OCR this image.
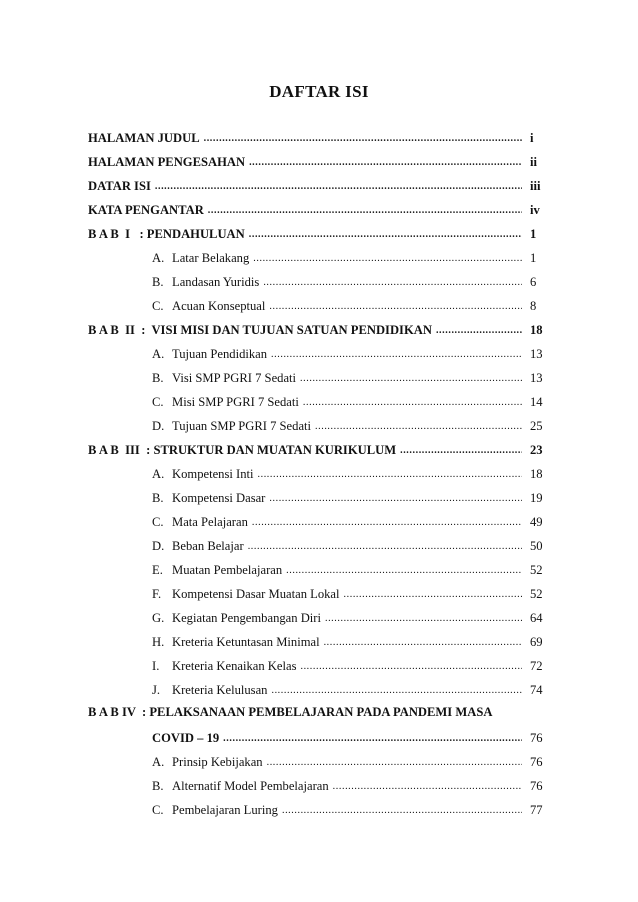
DAFTAR ISI
HALAMAN JUDUL .....	i
HALAMAN PENGESAHAN .....	ii
DATAR ISI .....	iii
KATA PENGANTAR .....	iv
B A B  I   : PENDAHULUAN .....	1
A. Latar Belakang .....	1
B. Landasan Yuridis .....	6
C. Acuan Konseptual .....	8
B A B  II  :  VISI MISI DAN TUJUAN SATUAN PENDIDIKAN .....	18
A. Tujuan Pendidikan .....	13
B. Visi SMP PGRI 7 Sedati .....	13
C. Misi SMP PGRI 7 Sedati .....	14
D. Tujuan SMP PGRI 7 Sedati .....	25
B A B  III  : STRUKTUR DAN MUATAN KURIKULUM .....	23
A. Kompetensi Inti .....	18
B. Kompetensi Dasar .....	19
C. Mata Pelajaran .....	49
D. Beban Belajar .....	50
E. Muatan Pembelajaran .....	52
F. Kompetensi Dasar Muatan Lokal .....	52
G. Kegiatan Pengembangan Diri .....	64
H. Kreteria Ketuntasan Minimal .....	69
I.	Kreteria Kenaikan Kelas .....	72
J. Kreteria Kelulusan .....	74
B A B IV  : PELAKSANAAN PEMBELAJARAN PADA PANDEMI MASA
COVID – 19 .....	76
A. Prinsip Kebijakan .....	76
B. Alternatif Model Pembelajaran .....	76
C. Pembelajaran Luring .....	77
